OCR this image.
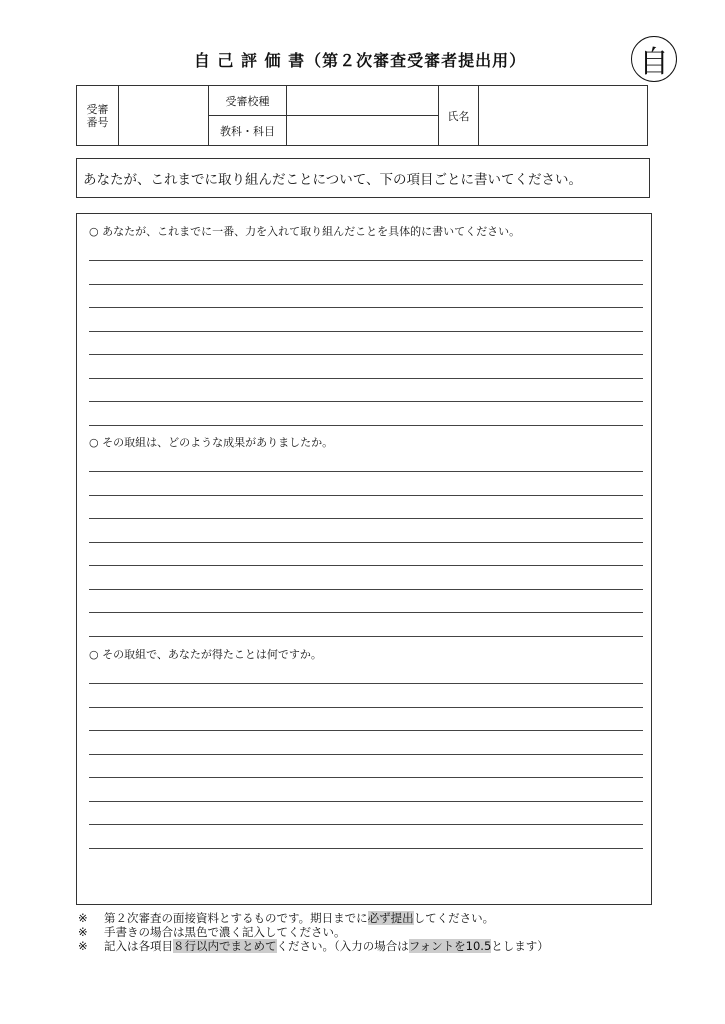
自 己 評 価 書（第２次審査受審者提出用）	自
受審
番号		受審校種		氏名	
		教科・科目			
あなたが、これまでに取り組んだことについて、下の項目ごとに書いてください。
○ あなたが、これまでに一番、力を入れて取り組んだことを具体的に書いてください。
○ その取組は、どのような成果がありましたか。
○ その取組で、あなたが得たことは何ですか。
※ 第２次審査の面接資料とするものです。期日までに必ず提出してください。
※ 手書きの場合は黒色で濃く記入してください。
※ 記入は各項目８行以内でまとめてください。（入力の場合はフォントを10.5とします）
